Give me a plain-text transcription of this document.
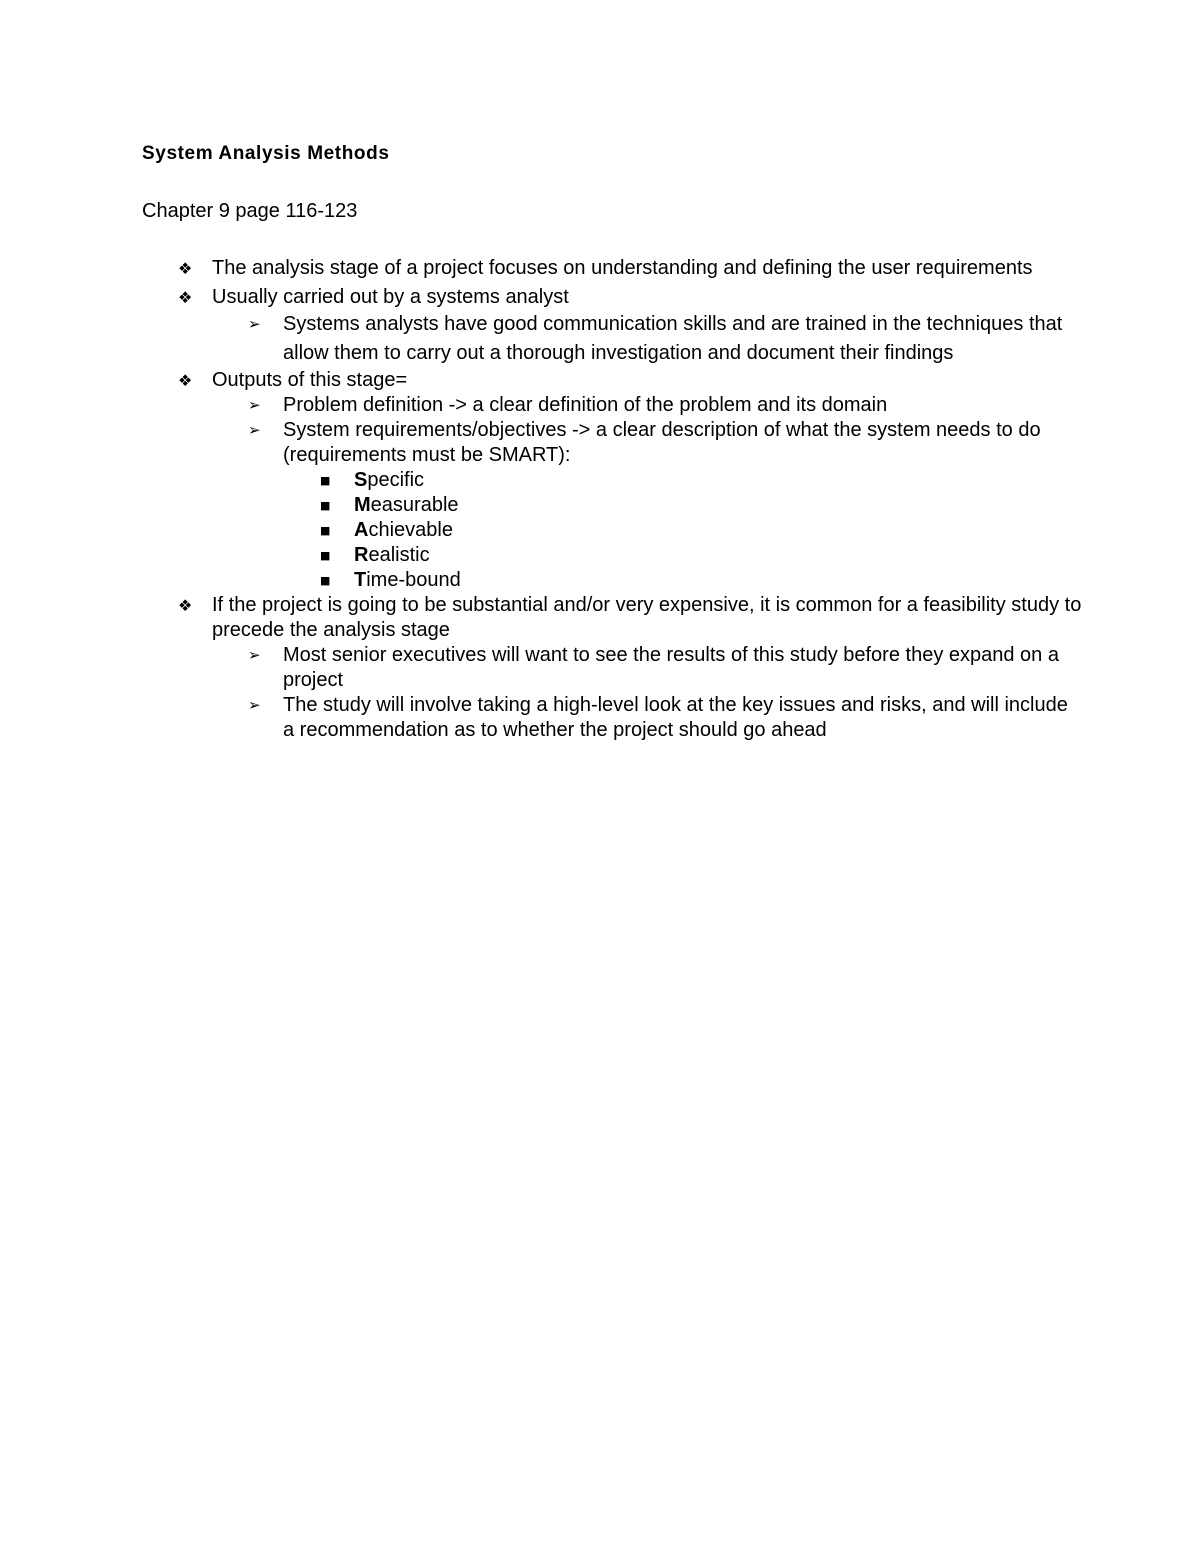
System Analysis Methods

Chapter 9 page 116-123

❖ The analysis stage of a project focuses on understanding and defining the user requirements
❖ Usually carried out by a systems analyst
➢ Systems analysts have good communication skills and are trained in the techniques that allow them to carry out a thorough investigation and document their findings
❖ Outputs of this stage=
➢ Problem definition -> a clear definition of the problem and its domain
➢ System requirements/objectives -> a clear description of what the system needs to do (requirements must be SMART):
■ Specific
■ Measurable
■ Achievable
■ Realistic
■ Time-bound
❖ If the project is going to be substantial and/or very expensive, it is common for a feasibility study to precede the analysis stage
➢ Most senior executives will want to see the results of this study before they expand on a project
➢ The study will involve taking a high-level look at the key issues and risks, and will include a recommendation as to whether the project should go ahead
